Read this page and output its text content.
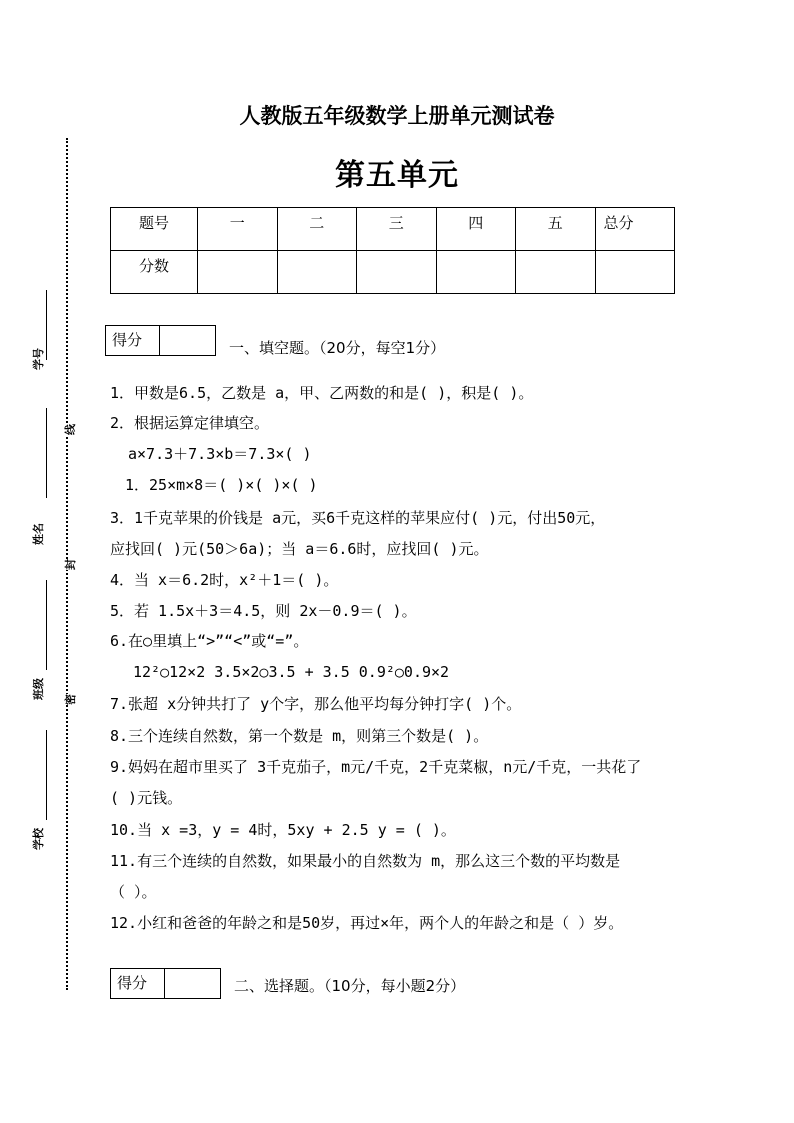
学号
姓名
班级
学校
线
封
密
人教版五年级数学上册单元测试卷
第五单元
题号	一	二	三	四	五	总分
分数						
得分	一、填空题。（20分，每空1分）
1．甲数是6.5，乙数是 a，甲、乙两数的和是( )，积是( )。
2．根据运算定律填空。
a×7.3＋7.3×b＝7.3×( )
1．25×m×8＝( )×( )×( )
3．1千克苹果的价钱是 a元，买6千克这样的苹果应付( )元，付出50元，
应找回( )元(50＞6a)；当 a＝6.6时，应找回( )元。
4．当 x＝6.2时，x²＋1＝( )。
5．若 1.5x＋3＝4.5，则 2x－0.9＝( )。
6.在○里填上“>”“<”或“=”。
12²○12×2 3.5×2○3.5 + 3.5 0.9²○0.9×2
7.张超 x分钟共打了 y个字，那么他平均每分钟打字( )个。
8.三个连续自然数，第一个数是 m，则第三个数是( )。
9.妈妈在超市里买了 3千克茄子，m元/千克，2千克菜椒，n元/千克，一共花了
( )元钱。
10.当 x =3，y = 4时，5xy + 2.5 y = ( )。
11.有三个连续的自然数，如果最小的自然数为 m，那么这三个数的平均数是
（ ）。
12.小红和爸爸的年龄之和是50岁，再过×年，两个人的年龄之和是（ ）岁。
得分	二、选择题。（10分，每小题2分）
